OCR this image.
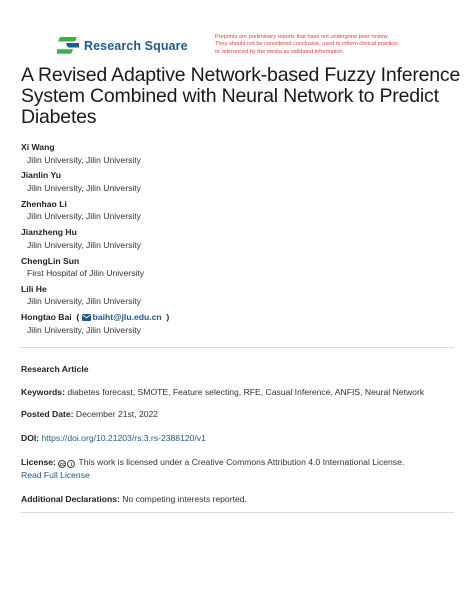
Research Square
Preprints are preliminary reports that have not undergone peer review.
They should not be considered conclusive, used to inform clinical practice,
or referenced by the media as validated information.
A Revised Adaptive Network-based Fuzzy Inference System Combined with Neural Network to Predict Diabetes
Xi Wang
Jilin University, Jilin University
Jianlin Yu
Jilin University, Jilin University
Zhenhao Li
Jilin University, Jilin University
Jianzheng Hu
Jilin University, Jilin University
ChengLin Sun
First Hospital of Jilin University
Lili He
Jilin University, Jilin University
Hongtao Bai  ( baiht@jlu.edu.cn  )
Jilin University, Jilin University
Research Article
Keywords: diabetes forecast, SMOTE, Feature selecting, RFE, Casual Inference, ANFIS, Neural Network
Posted Date: December 21st, 2022
DOI: https://doi.org/10.21203/rs.3.rs-2388120/v1
License: cc i This work is licensed under a Creative Commons Attribution 4.0 International License.
Read Full License
Additional Declarations: No competing interests reported.
